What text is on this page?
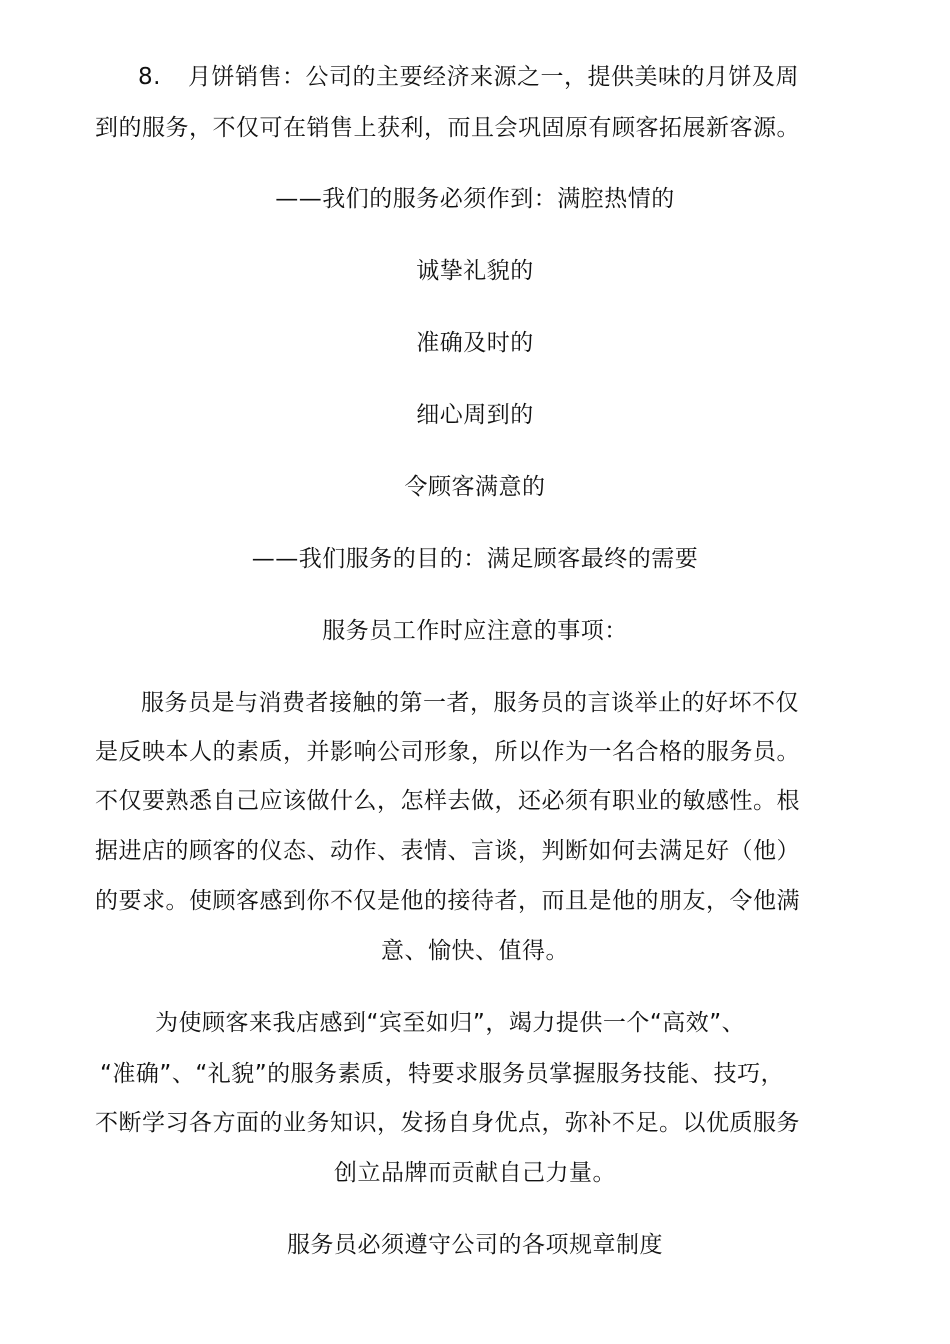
8. 月饼销售：公司的主要经济来源之一，提供美味的月饼及周
到的服务，不仅可在销售上获利，而且会巩固原有顾客拓展新客源。
——我们的服务必须作到：满腔热情的
诚挚礼貌的
准确及时的
细心周到的
令顾客满意的
——我们服务的目的：满足顾客最终的需要
服务员工作时应注意的事项：
服务员是与消费者接触的第一者，服务员的言谈举止的好坏不仅
是反映本人的素质，并影响公司形象，所以作为一名合格的服务员。
不仅要熟悉自己应该做什么，怎样去做，还必须有职业的敏感性。根
据进店的顾客的仪态、动作、表情、言谈，判断如何去满足好（他）
的要求。使顾客感到你不仅是他的接待者，而且是他的朋友，令他满
意、愉快、值得。
为使顾客来我店感到“宾至如归”，竭力提供一个“高效”、
“准确”、“礼貌”的服务素质，特要求服务员掌握服务技能、技巧，
不断学习各方面的业务知识，发扬自身优点，弥补不足。以优质服务
创立品牌而贡献自己力量。
服务员必须遵守公司的各项规章制度
